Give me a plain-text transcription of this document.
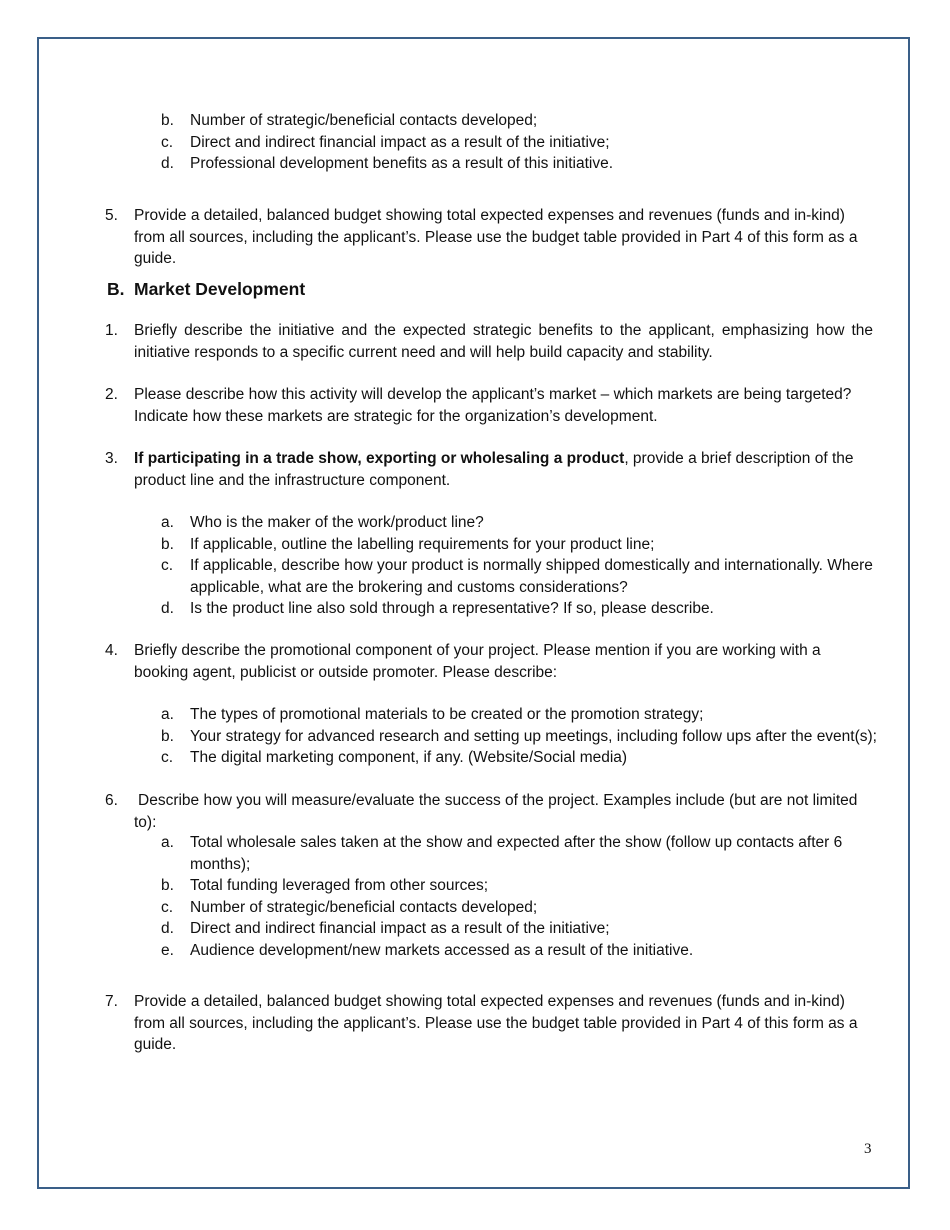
b.	Number of strategic/beneficial contacts developed;
c.	Direct and indirect financial impact as a result of the initiative;
d.	Professional development benefits as a result of this initiative.
5.	Provide a detailed, balanced budget showing total expected expenses and revenues (funds and in-kind) from all sources, including the applicant’s. Please use the budget table provided in Part 4 of this form as a guide.
B. Market Development
1.	Briefly describe the initiative and the expected strategic benefits to the applicant, emphasizing how the initiative responds to a specific current need and will help build capacity and stability.
2.	Please describe how this activity will develop the applicant’s market – which markets are being targeted? Indicate how these markets are strategic for the organization’s development.
3.	If participating in a trade show, exporting or wholesaling a product, provide a brief description of the product line and the infrastructure component.
a.	Who is the maker of the work/product line?
b.	If applicable, outline the labelling requirements for your product line;
c.	If applicable, describe how your product is normally shipped domestically and internationally. Where applicable, what are the brokering and customs considerations?
d.	Is the product line also sold through a representative? If so, please describe.
4.	Briefly describe the promotional component of your project. Please mention if you are working with a booking agent, publicist or outside promoter. Please describe:
a.	The types of promotional materials to be created or the promotion strategy;
b.	Your strategy for advanced research and setting up meetings, including follow ups after the event(s);
c.	The digital marketing component, if any. (Website/Social media)
6.	Describe how you will measure/evaluate the success of the project. Examples include (but are not limited to):
a.	Total wholesale sales taken at the show and expected after the show (follow up contacts after 6 months);
b.	Total funding leveraged from other sources;
c.	Number of strategic/beneficial contacts developed;
d.	Direct and indirect financial impact as a result of the initiative;
e.	Audience development/new markets accessed as a result of the initiative.
7.	Provide a detailed, balanced budget showing total expected expenses and revenues (funds and in-kind) from all sources, including the applicant’s. Please use the budget table provided in Part 4 of this form as a guide.
3
